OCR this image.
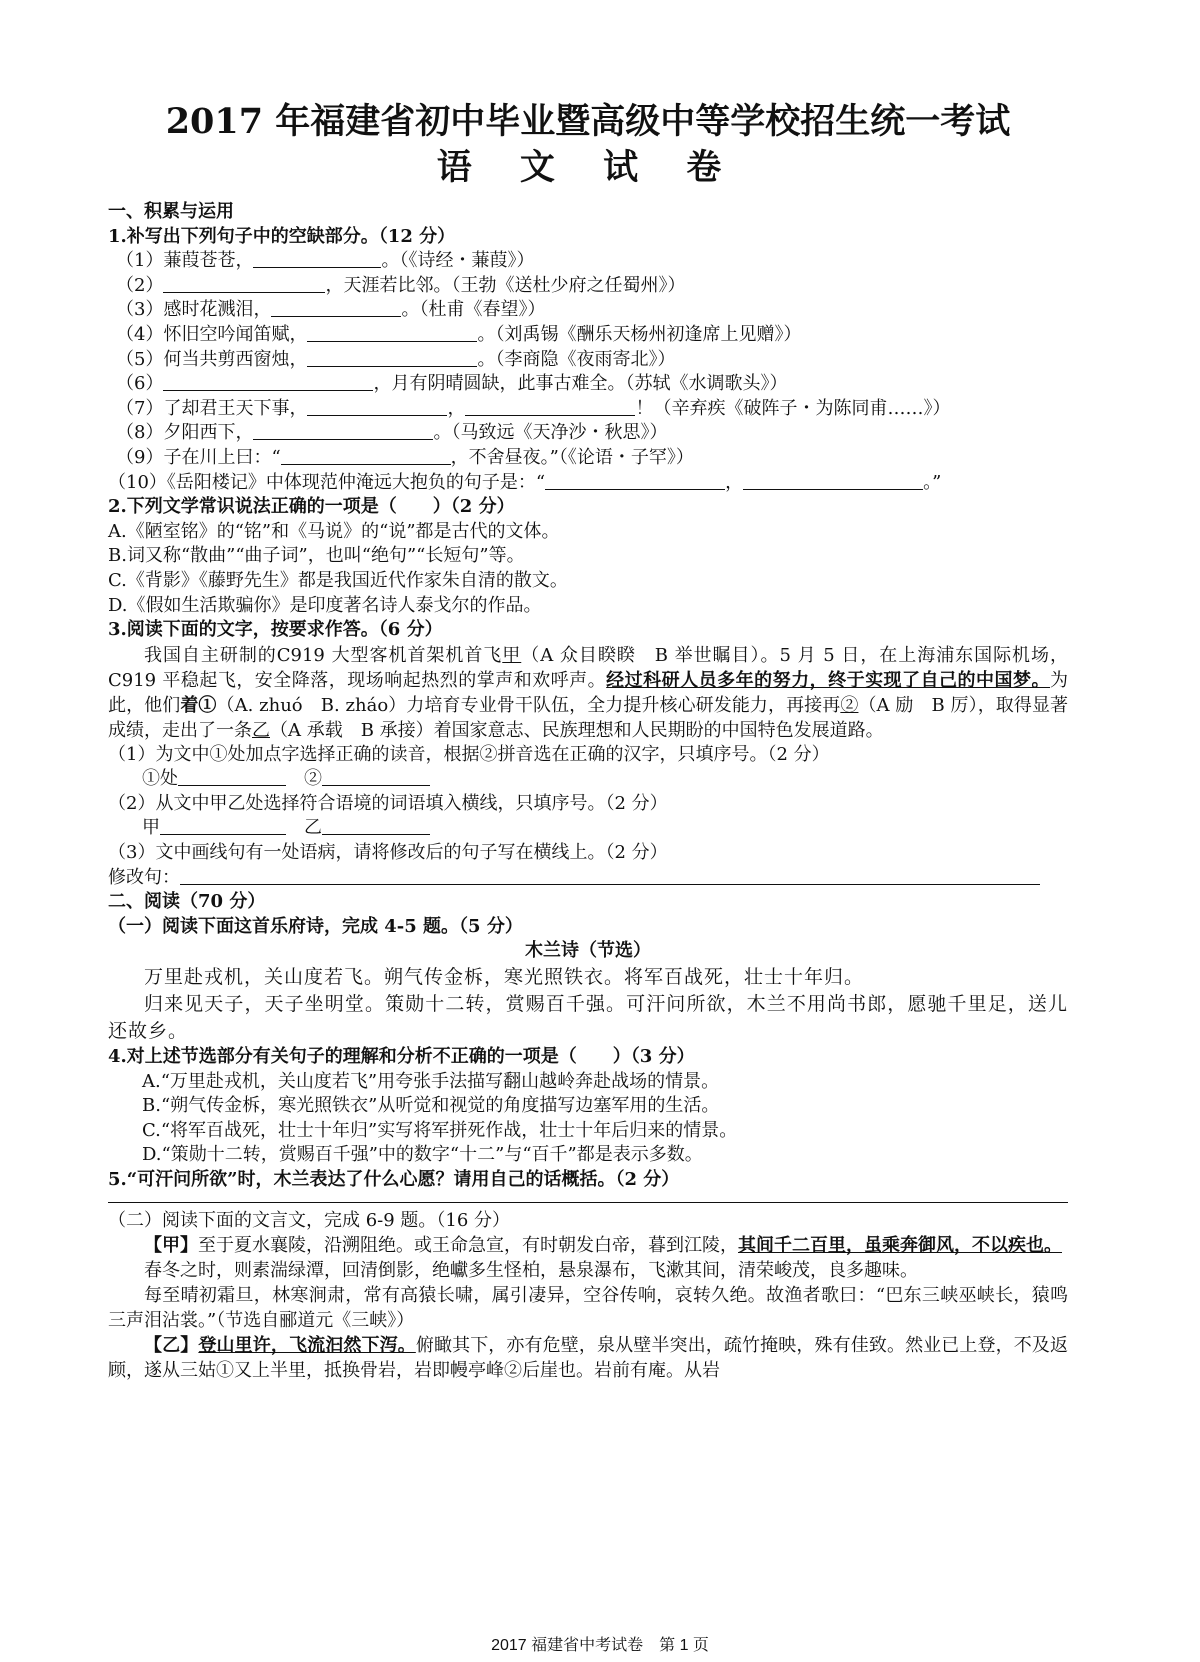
2017 年福建省初中毕业暨高级中等学校招生统一考试
语 文 试 卷

一、积累与运用

1.补写出下列句子中的空缺部分。（12 分）

（1）蒹葭苍苍，	。（《诗经・蒹葭》）

（2）	，天涯若比邻。（王勃《送杜少府之任蜀州》）

（3）感时花溅泪，	。（杜甫《春望》）

（4）怀旧空吟闻笛赋，	。（刘禹锡《酬乐天杨州初逢席上见赠》）

（5）何当共剪西窗烛，	。（李商隐《夜雨寄北》）

（6）	，月有阴晴圆缺，此事古难全。（苏轼《水调歌头》）

（7）了却君王天下事，	，	！（辛弃疾《破阵子・为陈同甫……》）

（8）夕阳西下，	。（马致远《天净沙・秋思》）

（9）子在川上曰：“	，不舍昼夜。”（《论语・子罕》）

（10）《岳阳楼记》中体现范仲淹远大抱负的句子是：“	，	。”

2.下列文学常识说法正确的一项是（　　）（2 分）

A.《陋室铭》的“铭”和《马说》的“说”都是古代的文体。

B.词又称“散曲”“曲子词”，也叫“绝句”“长短句”等。

C.《背影》《藤野先生》都是我国近代作家朱自清的散文。

D.《假如生活欺骗你》是印度著名诗人泰戈尔的作品。

3.阅读下面的文字，按要求作答。（6 分）

我国自主研制的C919 大型客机首架机首飞甲（A 众目睽睽　B 举世瞩目）。5 月 5 日，在上海浦东国际机场，C919 平稳起飞，安全降落，现场响起热烈的掌声和欢呼声。经过科研人员多年的努力，终于实现了自己的中国梦。为此，他们着①（A. zhuó　B. zháo）力培育专业骨干队伍，全力提升核心研发能力，再接再②（A 励　B 厉），取得显著成绩，走出了一条乙（A 承载　B 承接）着国家意志、民族理想和人民期盼的中国特色发展道路。

（1）为文中①处加点字选择正确的读音，根据②拼音选在正确的汉字，只填序号。（2 分）

①处　	②

（2）从文中甲乙处选择符合语境的词语填入横线，只填序号。（2 分）

甲　	乙

（3）文中画线句有一处语病，请将修改后的句子写在横线上。（2 分）

修改句：

二、阅读（70 分）

（一）阅读下面这首乐府诗，完成 4-5 题。（5 分）

木兰诗（节选）

万里赴戎机，关山度若飞。朔气传金柝，寒光照铁衣。将军百战死，壮士十年归。

归来见天子，天子坐明堂。策勋十二转，赏赐百千强。可汗问所欲，木兰不用尚书郎，愿驰千里足，送儿还故乡。

4.对上述节选部分有关句子的理解和分析不正确的一项是（　　）（3 分）

A.“万里赴戎机，关山度若飞”用夸张手法描写翻山越岭奔赴战场的情景。

B.“朔气传金柝，寒光照铁衣”从听觉和视觉的角度描写边塞军用的生活。

C.“将军百战死，壮士十年归”实写将军拼死作战，壮士十年后归来的情景。

D.“策勋十二转，赏赐百千强”中的数字“十二”与“百千”都是表示多数。

5.“可汗问所欲”时，木兰表达了什么心愿？请用自己的话概括。（2 分）

（二）阅读下面的文言文，完成 6-9 题。（16 分）

【甲】至于夏水襄陵，沿溯阻绝。或王命急宣，有时朝发白帝，暮到江陵，其间千二百里，虽乘奔御风，不以疾也。

春冬之时，则素湍绿潭，回清倒影，绝巘多生怪柏，悬泉瀑布，飞漱其间，清荣峻茂，良多趣味。

每至晴初霜旦，林寒涧肃，常有高猿长啸，属引凄异，空谷传响，哀转久绝。故渔者歌曰：“巴东三峡巫峡长，猿鸣三声泪沾裳。”（节选自郦道元《三峡》）

【乙】登山里许，飞流汩然下泻。俯瞰其下，亦有危壁，泉从壁半突出，疏竹掩映，殊有佳致。然业已上登，不及返顾，遂从三姑①又上半里，抵换骨岩，岩即幔亭峰②后崖也。岩前有庵。从岩

2017 福建省中考试卷　第 1 页
